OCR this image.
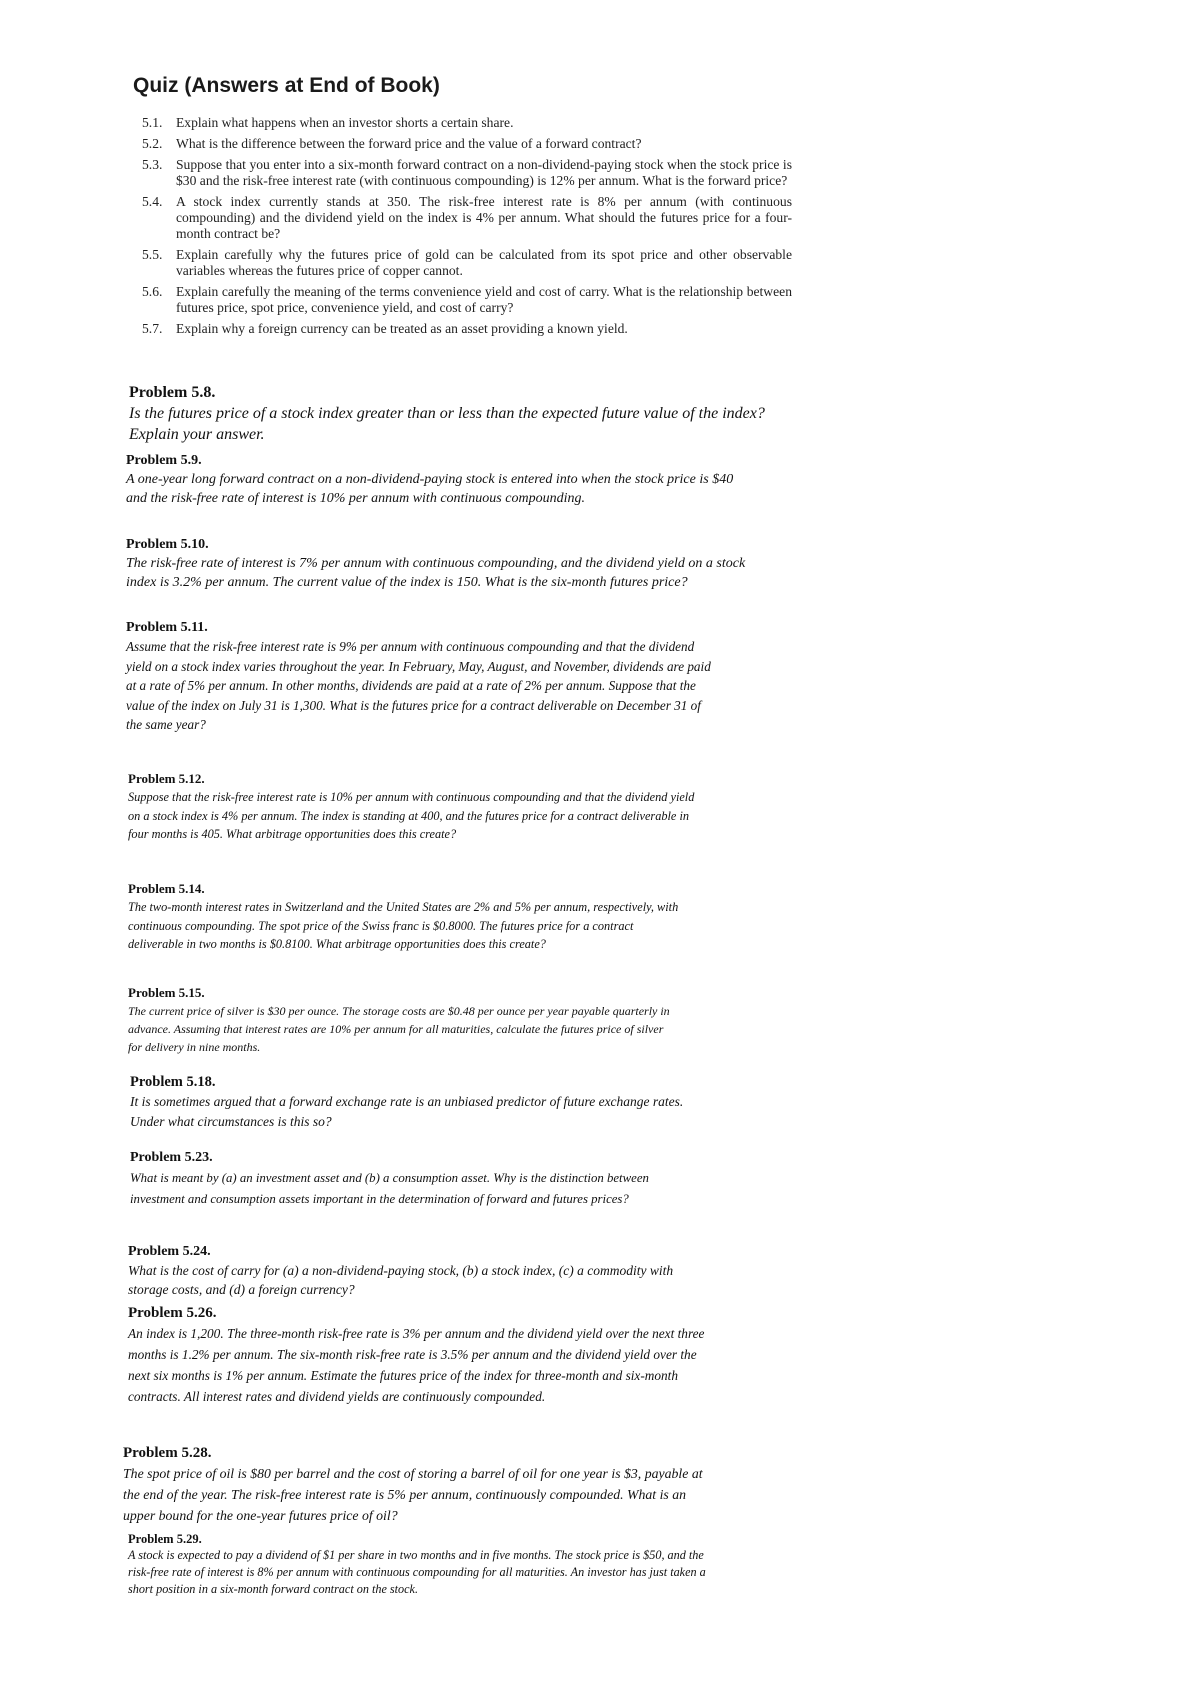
Quiz (Answers at End of Book)
5.1.	Explain what happens when an investor shorts a certain share.
5.2.	What is the difference between the forward price and the value of a forward contract?
5.3.	Suppose that you enter into a six-month forward contract on a non-dividend-paying stock when the stock price is $30 and the risk-free interest rate (with continuous compounding) is 12% per annum. What is the forward price?
5.4.	A stock index currently stands at 350. The risk-free interest rate is 8% per annum (with continuous compounding) and the dividend yield on the index is 4% per annum. What should the futures price for a four-month contract be?
5.5.	Explain carefully why the futures price of gold can be calculated from its spot price and other observable variables whereas the futures price of copper cannot.
5.6.	Explain carefully the meaning of the terms convenience yield and cost of carry. What is the relationship between futures price, spot price, convenience yield, and cost of carry?
5.7.	Explain why a foreign currency can be treated as an asset providing a known yield.
Problem 5.8.
Is the futures price of a stock index greater than or less than the expected future value of the index? Explain your answer.
Problem 5.9.
A one-year long forward contract on a non-dividend-paying stock is entered into when the stock price is $40 and the risk-free rate of interest is 10% per annum with continuous compounding.
Problem 5.10.
The risk-free rate of interest is 7% per annum with continuous compounding, and the dividend yield on a stock index is 3.2% per annum. The current value of the index is 150. What is the six-month futures price?
Problem 5.11.
Assume that the risk-free interest rate is 9% per annum with continuous compounding and that the dividend yield on a stock index varies throughout the year. In February, May, August, and November, dividends are paid at a rate of 5% per annum. In other months, dividends are paid at a rate of 2% per annum. Suppose that the value of the index on July 31 is 1,300. What is the futures price for a contract deliverable on December 31 of the same year?
Problem 5.12.
Suppose that the risk-free interest rate is 10% per annum with continuous compounding and that the dividend yield on a stock index is 4% per annum. The index is standing at 400, and the futures price for a contract deliverable in four months is 405. What arbitrage opportunities does this create?
Problem 5.14.
The two-month interest rates in Switzerland and the United States are 2% and 5% per annum, respectively, with continuous compounding. The spot price of the Swiss franc is $0.8000. The futures price for a contract deliverable in two months is $0.8100. What arbitrage opportunities does this create?
Problem 5.15.
The current price of silver is $30 per ounce. The storage costs are $0.48 per ounce per year payable quarterly in advance. Assuming that interest rates are 10% per annum for all maturities, calculate the futures price of silver for delivery in nine months.
Problem 5.18.
It is sometimes argued that a forward exchange rate is an unbiased predictor of future exchange rates. Under what circumstances is this so?
Problem 5.23.
What is meant by (a) an investment asset and (b) a consumption asset. Why is the distinction between investment and consumption assets important in the determination of forward and futures prices?
Problem 5.24.
What is the cost of carry for (a) a non-dividend-paying stock, (b) a stock index, (c) a commodity with storage costs, and (d) a foreign currency?
Problem 5.26.
An index is 1,200. The three-month risk-free rate is 3% per annum and the dividend yield over the next three months is 1.2% per annum. The six-month risk-free rate is 3.5% per annum and the dividend yield over the next six months is 1% per annum. Estimate the futures price of the index for three-month and six-month contracts. All interest rates and dividend yields are continuously compounded.
Problem 5.28.
The spot price of oil is $80 per barrel and the cost of storing a barrel of oil for one year is $3, payable at the end of the year. The risk-free interest rate is 5% per annum, continuously compounded. What is an upper bound for the one-year futures price of oil?
Problem 5.29.
A stock is expected to pay a dividend of $1 per share in two months and in five months. The stock price is $50, and the risk-free rate of interest is 8% per annum with continuous compounding for all maturities. An investor has just taken a short position in a six-month forward contract on the stock.
